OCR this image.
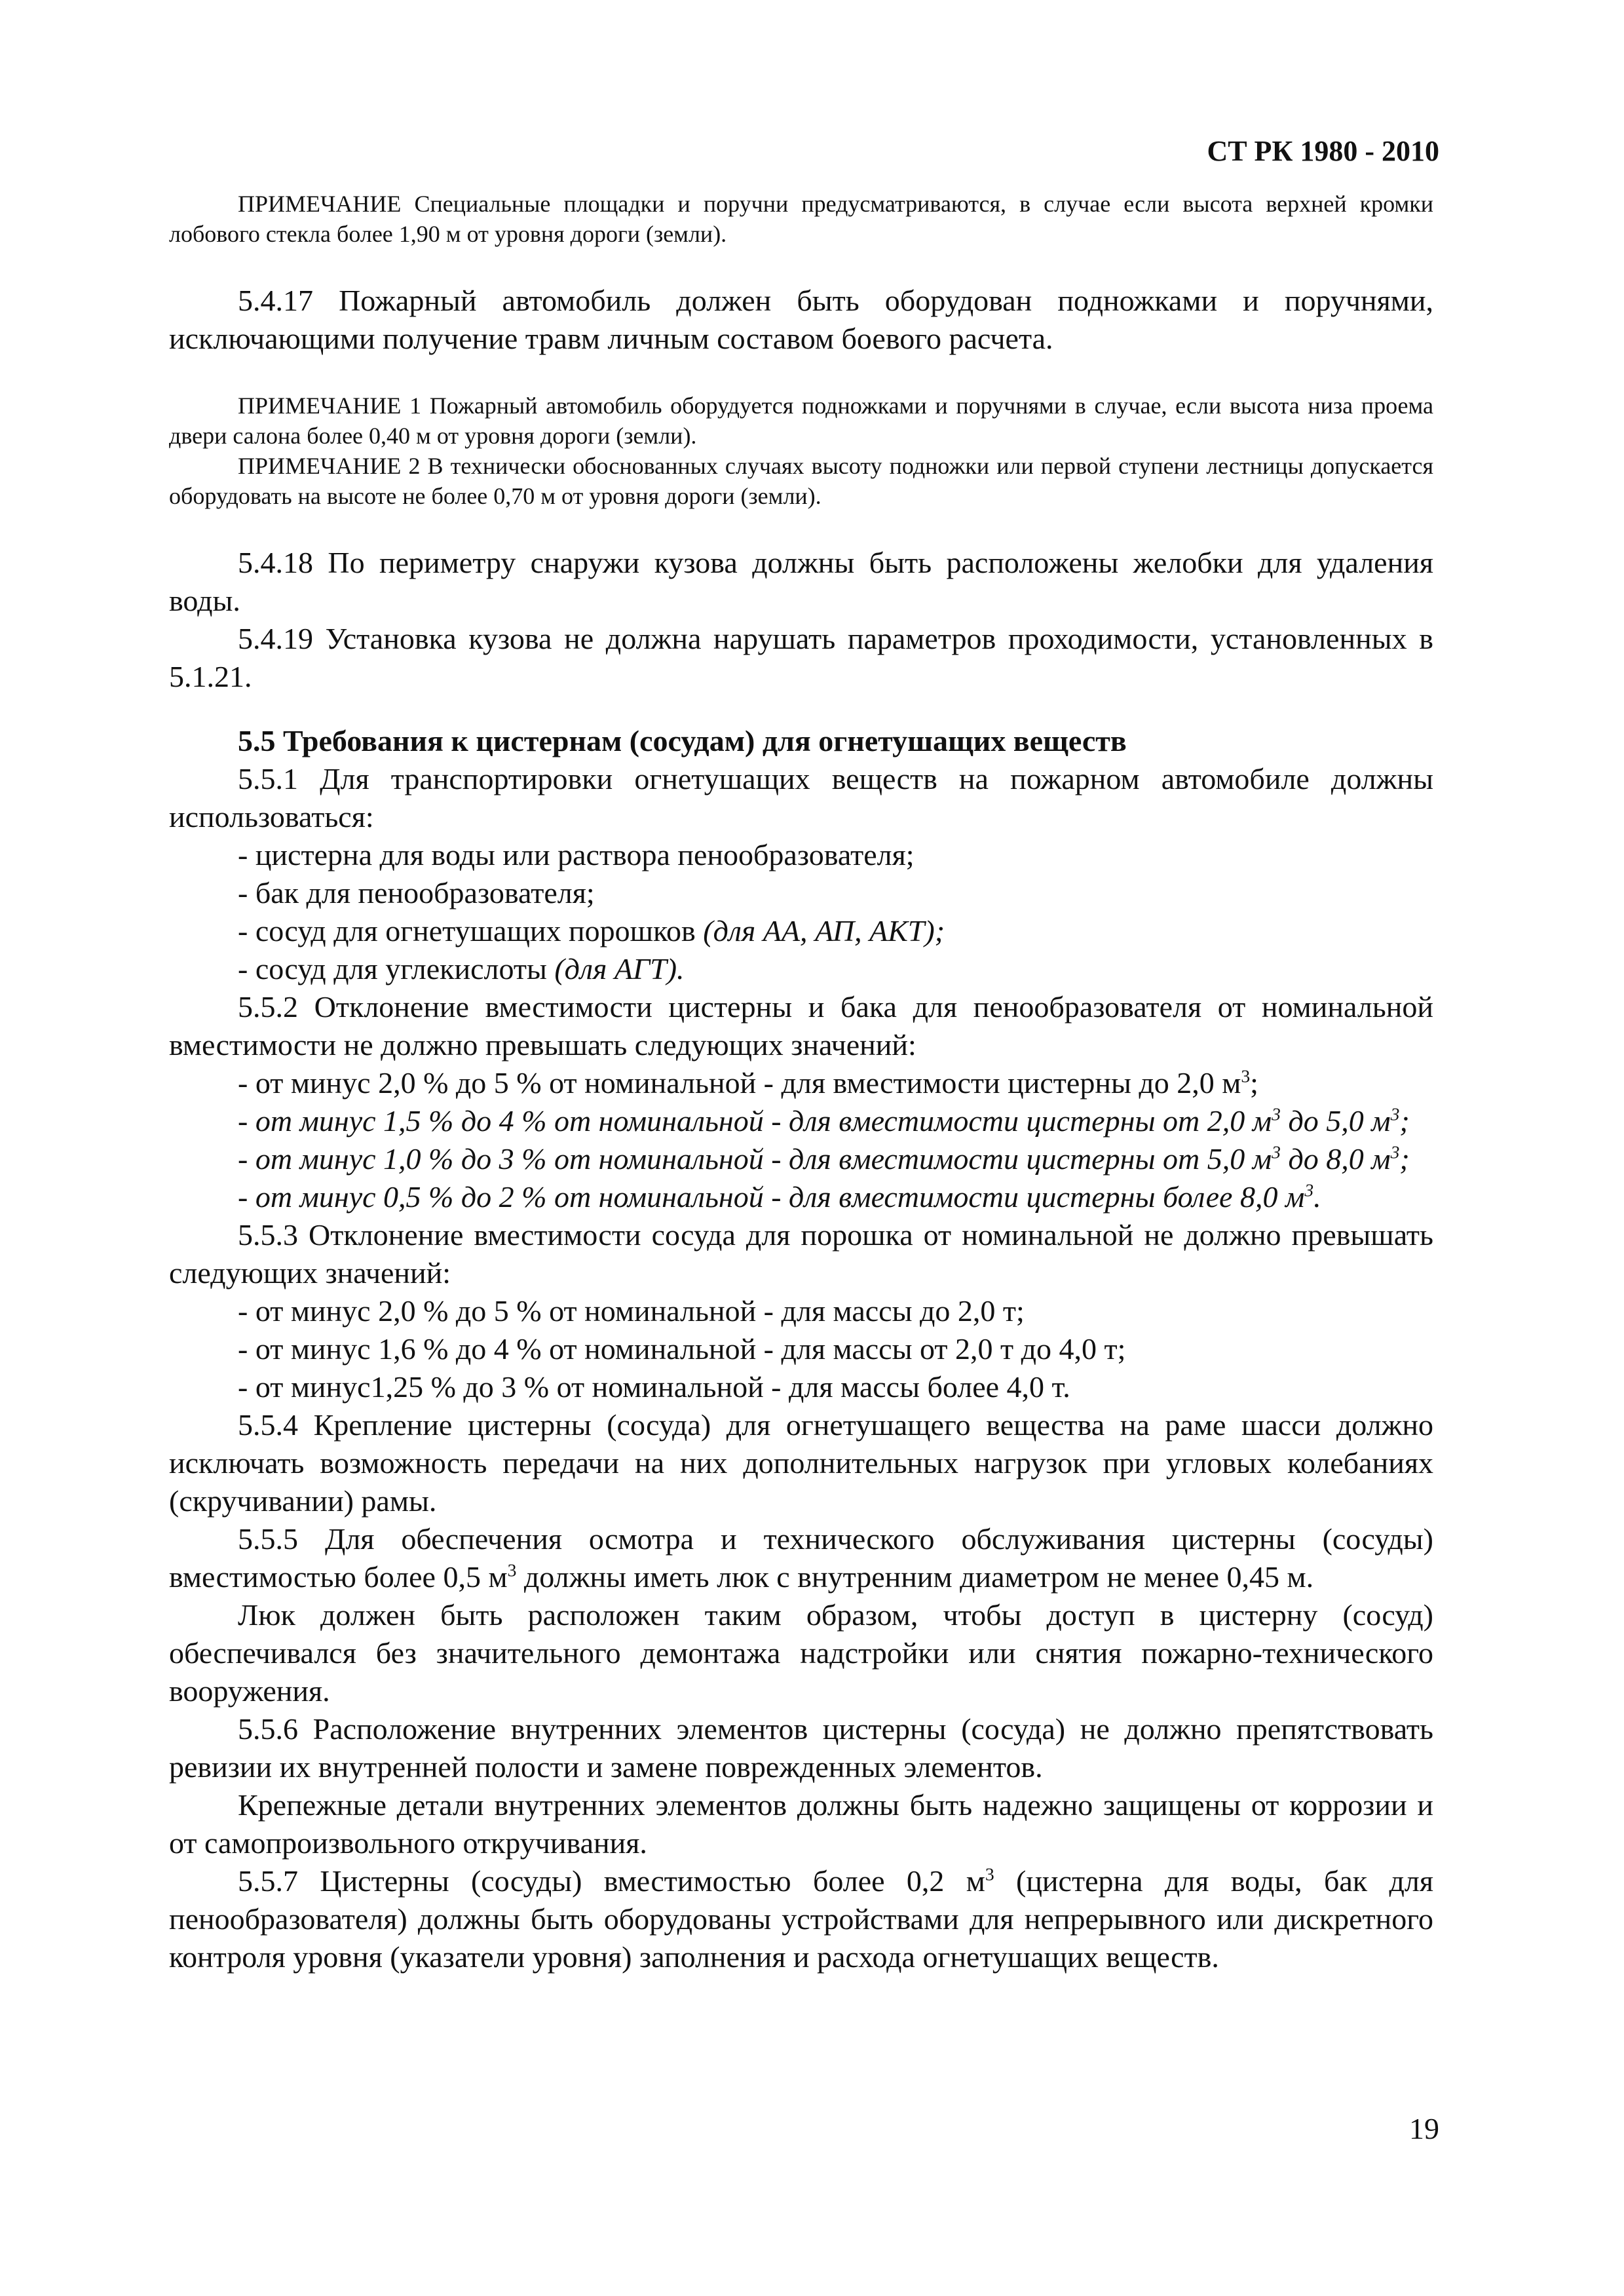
СТ РК 1980 - 2010

ПРИМЕЧАНИЕ Специальные площадки и поручни предусматриваются, в случае если высота верхней кромки лобового стекла более 1,90 м от уровня дороги (земли).

5.4.17 Пожарный автомобиль должен быть оборудован подножками и поручнями, исключающими получение травм личным составом боевого расчета.

ПРИМЕЧАНИЕ 1 Пожарный автомобиль оборудуется подножками и поручнями в случае, если высота низа проема двери салона более 0,40 м от уровня дороги (земли).

ПРИМЕЧАНИЕ 2 В технически обоснованных случаях высоту подножки или первой ступени лестницы допускается оборудовать на высоте не более 0,70 м от уровня дороги (земли).

5.4.18 По периметру снаружи кузова должны быть расположены желобки для удаления воды.

5.4.19 Установка кузова не должна нарушать параметров проходимости, установленных в 5.1.21.

5.5 Требования к цистернам (сосудам) для огнетушащих веществ

5.5.1 Для транспортировки огнетушащих веществ на пожарном автомобиле должны использоваться:

- цистерна для воды или раствора пенообразователя;

- бак для пенообразователя;

- сосуд для огнетушащих порошков (для АА, АП, АКТ);

- сосуд для углекислоты (для АГТ).

5.5.2 Отклонение вместимости цистерны и бака для пенообразователя от номинальной вместимости не должно превышать следующих значений:

- от минус 2,0 % до 5 % от номинальной - для вместимости цистерны до 2,0 $м^3$;

- от минус 1,5 % до 4 % от номинальной - для вместимости цистерны от 2,0 $м^3$ до 5,0 $м^3$;

- от минус 1,0 % до 3 % от номинальной - для вместимости цистерны от 5,0 $м^3$ до 8,0 $м^3$;

- от минус 0,5 % до 2 % от номинальной - для вместимости цистерны более 8,0 $м^3$.

5.5.3 Отклонение вместимости сосуда для порошка от номинальной не должно превышать следующих значений:

- от минус 2,0 % до 5 % от номинальной - для массы до 2,0 т;

- от минус 1,6 % до 4 % от номинальной - для массы от 2,0 т до 4,0 т;

- от минус1,25 % до 3 % от номинальной - для массы более 4,0 т.

5.5.4 Крепление цистерны (сосуда) для огнетушащего вещества на раме шасси должно исключать возможность передачи на них дополнительных нагрузок при угловых колебаниях (скручивании) рамы.

5.5.5 Для обеспечения осмотра и технического обслуживания цистерны (сосуды) вместимостью более 0,5 $м^3$ должны иметь люк с внутренним диаметром не менее 0,45 м.

Люк должен быть расположен таким образом, чтобы доступ в цистерну (сосуд) обеспечивался без значительного демонтажа надстройки или снятия пожарно-технического вооружения.

5.5.6 Расположение внутренних элементов цистерны (сосуда) не должно препятствовать ревизии их внутренней полости и замене поврежденных элементов.

Крепежные детали внутренних элементов должны быть надежно защищены от коррозии и от самопроизвольного откручивания.

5.5.7 Цистерны (сосуды) вместимостью более 0,2 $м^3$ (цистерна для воды, бак для пенообразователя) должны быть оборудованы устройствами для непрерывного или дискретного контроля уровня (указатели уровня) заполнения и расхода огнетушащих веществ.

19
